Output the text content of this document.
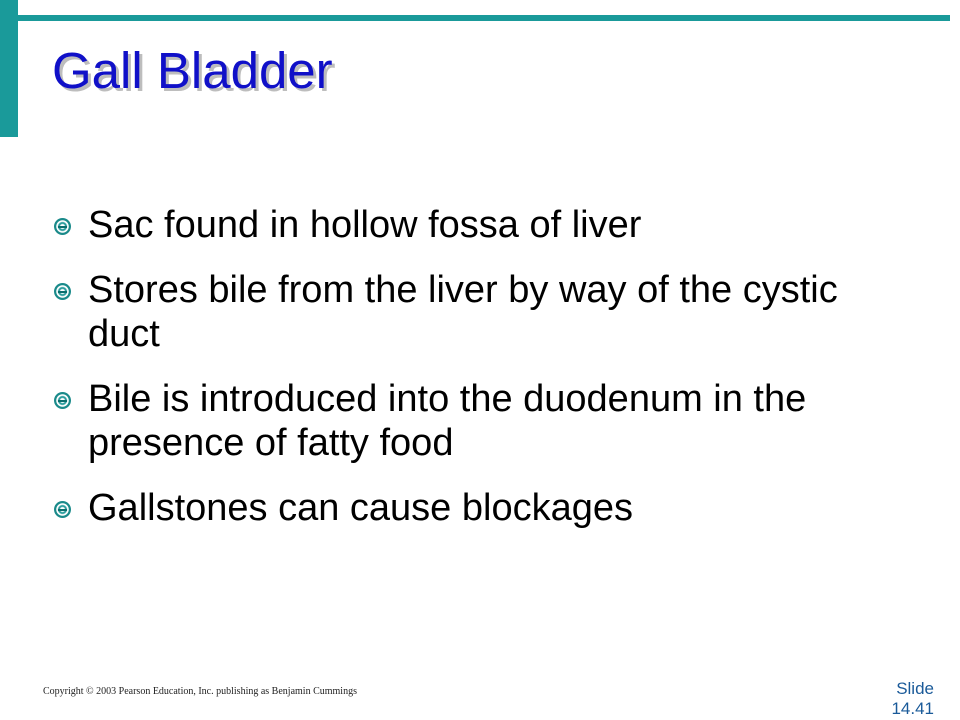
Gall Bladder
Sac found in hollow fossa of liver
Stores bile from the liver by way of the cystic duct
Bile is introduced into the duodenum in the presence of fatty food
Gallstones can cause blockages
Copyright © 2003 Pearson Education, Inc. publishing as Benjamin Cummings	Slide
14.41
